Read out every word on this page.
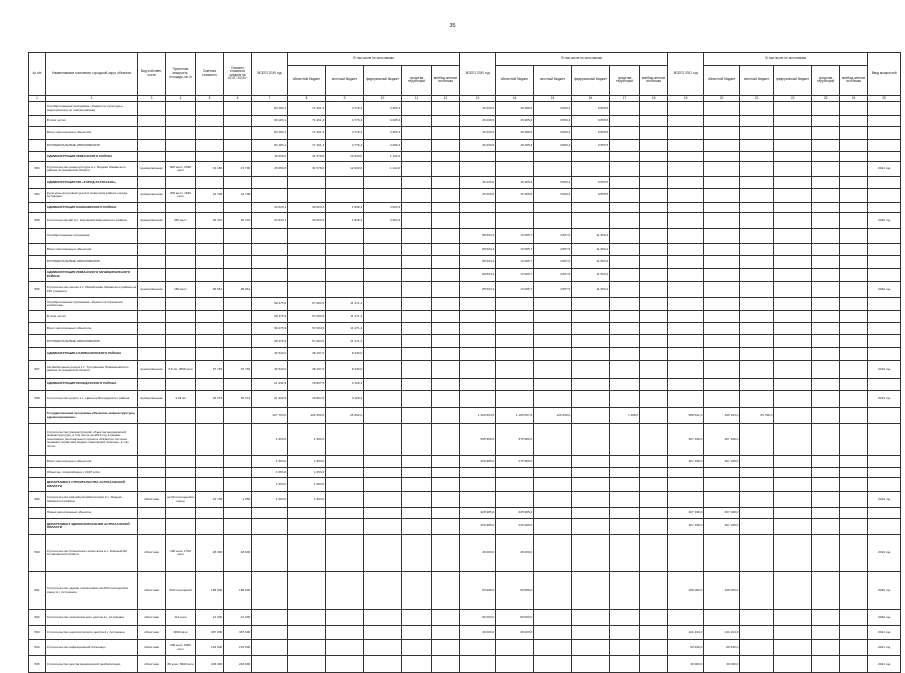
35
№ п/п	Наименование поселения, городской округ, объектов	Вид собствен-ности	Проектная мощность, площадь, кв. м	Сметная стоимость	Освоено стоимости средств на 01.01. 2019 г.	ВСЕГО 2019 год	В том числе по источникам					ВСЕГО 2020 год	В том числе по источникам					ВСЕГО 2021 год	В том числе по источникам					Ввод мощностей
							областной бюджет	местный бюджет	федеральный бюджет	средства территорий	внебюд-жетные источники		областной бюджет	местный бюджет	федеральный бюджет	средства территорий	внебюд-жетные источники		областной бюджет	местный бюджет	федеральный бюджет	средства территорий	внебюд-жетные источники	
1	2	3	4	5	6	7	8	9	10	11	12	13	14	15	16	17	18	19	20	21	22	23	24	25
	Государственная программа «Развитие культуры» (мероприятия по подпрограмме)					80 183,1	71 201,3	4 776,4	4 205,4			26 209,5	15 485,6	3 866,4	6 855,5									
	В том числе:					80 183,1	71 201,3	4 776,4	4 205,4			26 209,5	15 485,6	3 866,4	6 855,5									
	Всего капитальных объектов					80 183,1	71 201,3	4 776,4	4 205,4			26 209,5	15 485,6	3 866,4	6 855,5									
	МУНИЦИПАЛЬНЫЕ ОБРАЗОВАНИЯ					80 183,1	71 201,3	4 776,4	4 205,4			26 209,5	15 485,6	3 866,4	6 855,5									
	АДМИНИСТРАЦИЯ ЛИМАНСКОГО РАЙОНА					45 650,0	31 578,0	12 930,0	1 142,0															
583	Строительство дома культуры в с. Яндыки Лиманского района Астраханской области	муниципальная	500 мест, 2395 кв.м	91 180	47 790	45 650,0	31 578,0	12 930,0	1 142,0															2021 год
	АДМИНИСТРАЦИЯ МО «ГОРОД АСТРАХАНЬ»											26 209,5	15 485,6	3 866,4	6 855,5									
584	Культурно-досуговый центр в Советском районе города Астрахани	муниципальная	200 мест, 1840 кв.м	24 708	24 708							26 209,5	15 485,6	3 866,4	6 855,5									
	АДМИНИСТРАЦИЯ КАМЫЗЯКСКОГО РАЙОНА					34 533,1	39 623,3	1 846,4	3 063,4															
585	Строительство ДК в п. Кировский Камызякского района	муниципальная	350 мест	26 470	26 470	34 533,1	39 623,3	1 846,4	3 063,4															2020 год
	Государственная программа											88 503,4	72 085,7	4 857,5	11 560,2									
	Всего капитальных объектов											88 503,4	72 085,7	4 857,5	11 560,2									
	МУНИЦИПАЛЬНЫЕ ОБРАЗОВАНИЯ											88 503,4	72 085,7	4 857,5	11 560,2									
	АДМИНИСТРАЦИЯ ЛИМАНСКОГО МУНИЦИПАЛЬНОГО РАЙОНА											88 503,4	72 085,7	4 857,5	11 560,2									
586	Строительство школы в с. Михайловка Лиманского района на 150 учащихся	муниципальная	150 мест	96 961	96 961							88 503,4	72 085,7	4 857,5	11 560,2									2020 год
	Государственная программа «Развитие дорожного хозяйства»					68 475,9	57 004,5	11 471,4																
	В том числе:					68 475,9	57 004,5	11 471,4																
	Всего капитальных объектов					68 475,9	57 004,5	11 471,4																
	МУНИЦИПАЛЬНЫЕ ОБРАЗОВАНИЯ					68 475,9	57 004,5	11 471,4																
	АДМИНИСТРАЦИЯ НАРИМАНОВСКОГО РАЙОНА					46 543,0	38 197,0	8 346,0																
587	Автомобильная дорога к с. Тулугановка Наримановского района Астраханской области	муниципальная	9,5 км, 3595 кв.м	97 746	97 746	46 543,0	38 197,0	8 346,0																2019 год
	АДМИНИСТРАЦИЯ ВОЛОДАРСКОГО РАЙОНА					21 932,9	18 807,5	3 125,4																
588	Строительство дороги к с. Цветное Володарского района	муниципальная	4,35 км	26 373	26 373	21 932,9	18 807,5	3 125,4																2019 год
	Государственная программа «Развитие инфраструктуры здравоохранения»					227 754,0	202 456,0	25 302,0				1 220 663,8	1 185 667,8	120 528,0		7 488,0		668 541,0	645 163,0	25 798,0				
	Строительство (реконструкция) объектов медицинской инфраструктуры, в том числе на 2019 год в рамках реализации регионального проекта «Развитие системы оказания первичной медико-санитарной помощи», в том числе:					1 653,0	1 653,0					595 986,0	575 986,0					467 198,0	467 198,0					
	Всего капитальных объектов					1 653,0	1 653,0					295 985,0	275 985,0					467 198,0	467 198,0					
	Объекты, переходящие с 2018 года					1 653,0	1 653,0																	
	ДЕПАРТАМЕНТ СТРОИТЕЛЬСТВА АСТРАХАНСКОЙ ОБЛАСТИ					1 653,0	1 653,0																	
589	Строительство врачебной амбулатории в с. Яндыки Лиманского района	областная	на 50 посещений в смену	42 708	1 055	1 653,0	1 653,0																	2019 год
	Новые капитальные объекты											225 985,0	225 985,0					467 198,0	467 198,0					
	ДЕПАРТАМЕНТ ЗДРАВООХРАНЕНИЯ АСТРАХАНСКОЙ ОБЛАСТИ											225 985,0	225 985,0					467 198,0	467 198,0					
590	Строительство больничного комплекса в с. Красный Яр Астраханской области	областная	100 коек, 1700 кв.м	48 000	48 000							46 000,0	46 000,0											2019 год
591	Строительство здания поликлиники на 600 посещений в смену в г. Астрахани	областная	600 посещений	198 000	198 000							69 985,0	69 985,0					235 000,0	235 000,0					2020 год
592	Строительство перинатального центра в г. Астрахани	областная	114 коек	41 200	41 200							80 000,0	80 000,0											2020 год
593	Строительство онкологического центра в г. Астрахани	областная	9000 кв.м	387 000	387 000							30 000,0	30 000,0					141 244,0	141 244,0					2021 год
594	Строительство инфекционной больницы	областная	200 коек, 9000 кв.м	133 000	133 000													60 946,0	60 946,0					2021 год
595	Строительство центра медицинской реабилитации	областная	80 коек, 5600 кв.м	203 000	203 000													30 000,0	30 000,0					2021 год
